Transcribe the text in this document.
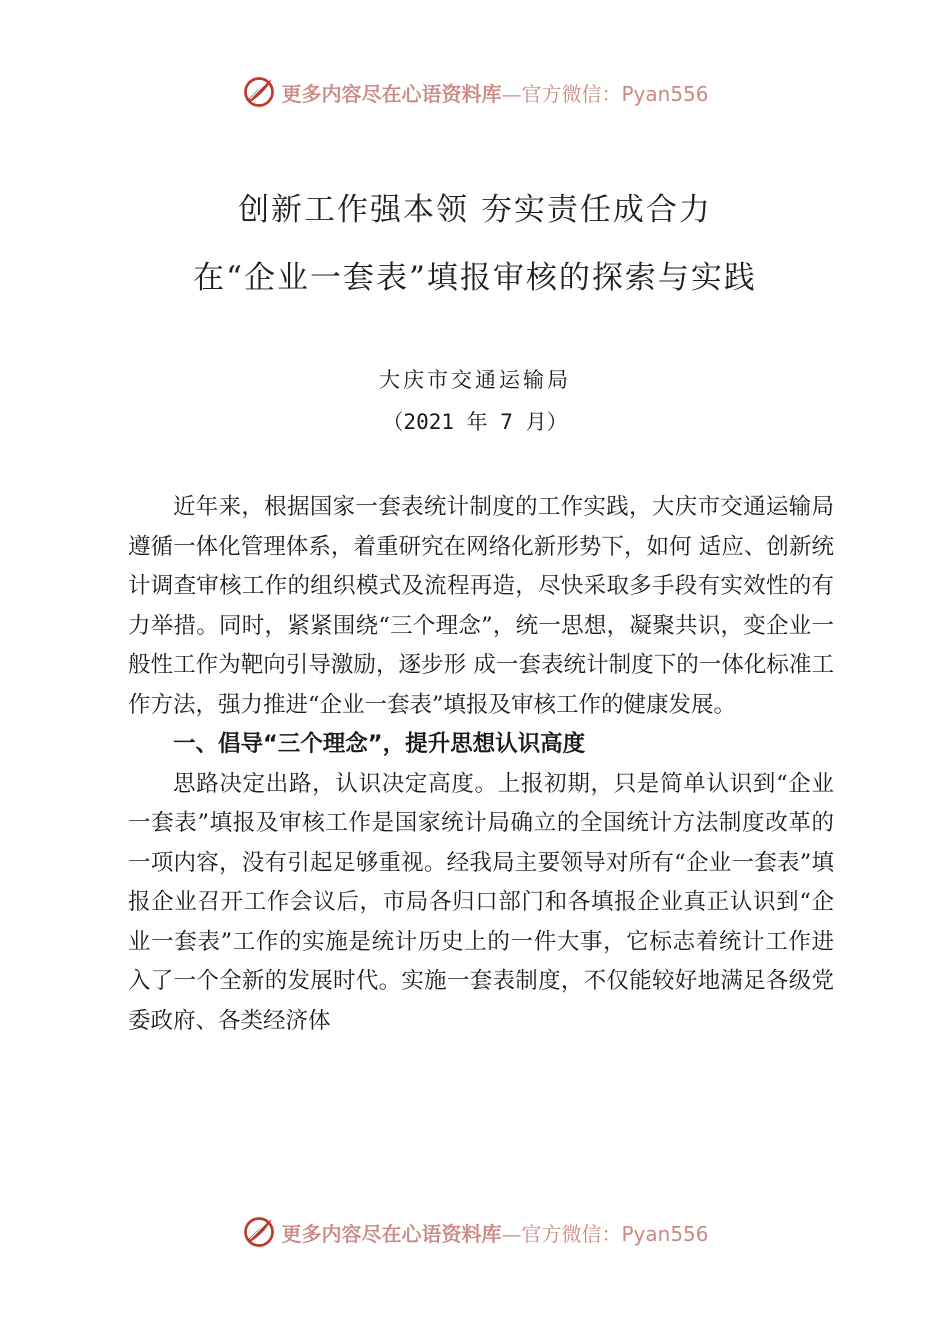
更多内容尽在心语资料库—官方微信：Pyan556
创新工作强本领 夯实责任成合力
在“企业一套表”填报审核的探索与实践
大庆市交通运输局
（2021 年 7 月）

近年来，根据国家一套表统计制度的工作实践，大庆市交通运输局遵循一体化管理体系，着重研究在网络化新形势下，如何 适应、创新统计调查审核工作的组织模式及流程再造，尽快采取多手段有实效性的有力举措。同时，紧紧围绕“三个理念”，统一思想，凝聚共识，变企业一般性工作为靶向引导激励，逐步形 成一套表统计制度下的一体化标准工作方法，强力推进“企业一套表”填报及审核工作的健康发展。

一、倡导“三个理念”，提升思想认识高度

思路决定出路，认识决定高度。上报初期，只是简单认识到“企业一套表”填报及审核工作是国家统计局确立的全国统计方法制度改革的一项内容，没有引起足够重视。经我局主要领导对所有“企业一套表”填报企业召开工作会议后，市局各归口部门和各填报企业真正认识到“企业一套表”工作的实施是统计历史上的一件大事，它标志着统计工作进入了一个全新的发展时代。实施一套表制度，不仅能较好地满足各级党委政府、各类经济体

更多内容尽在心语资料库—官方微信：Pyan556
